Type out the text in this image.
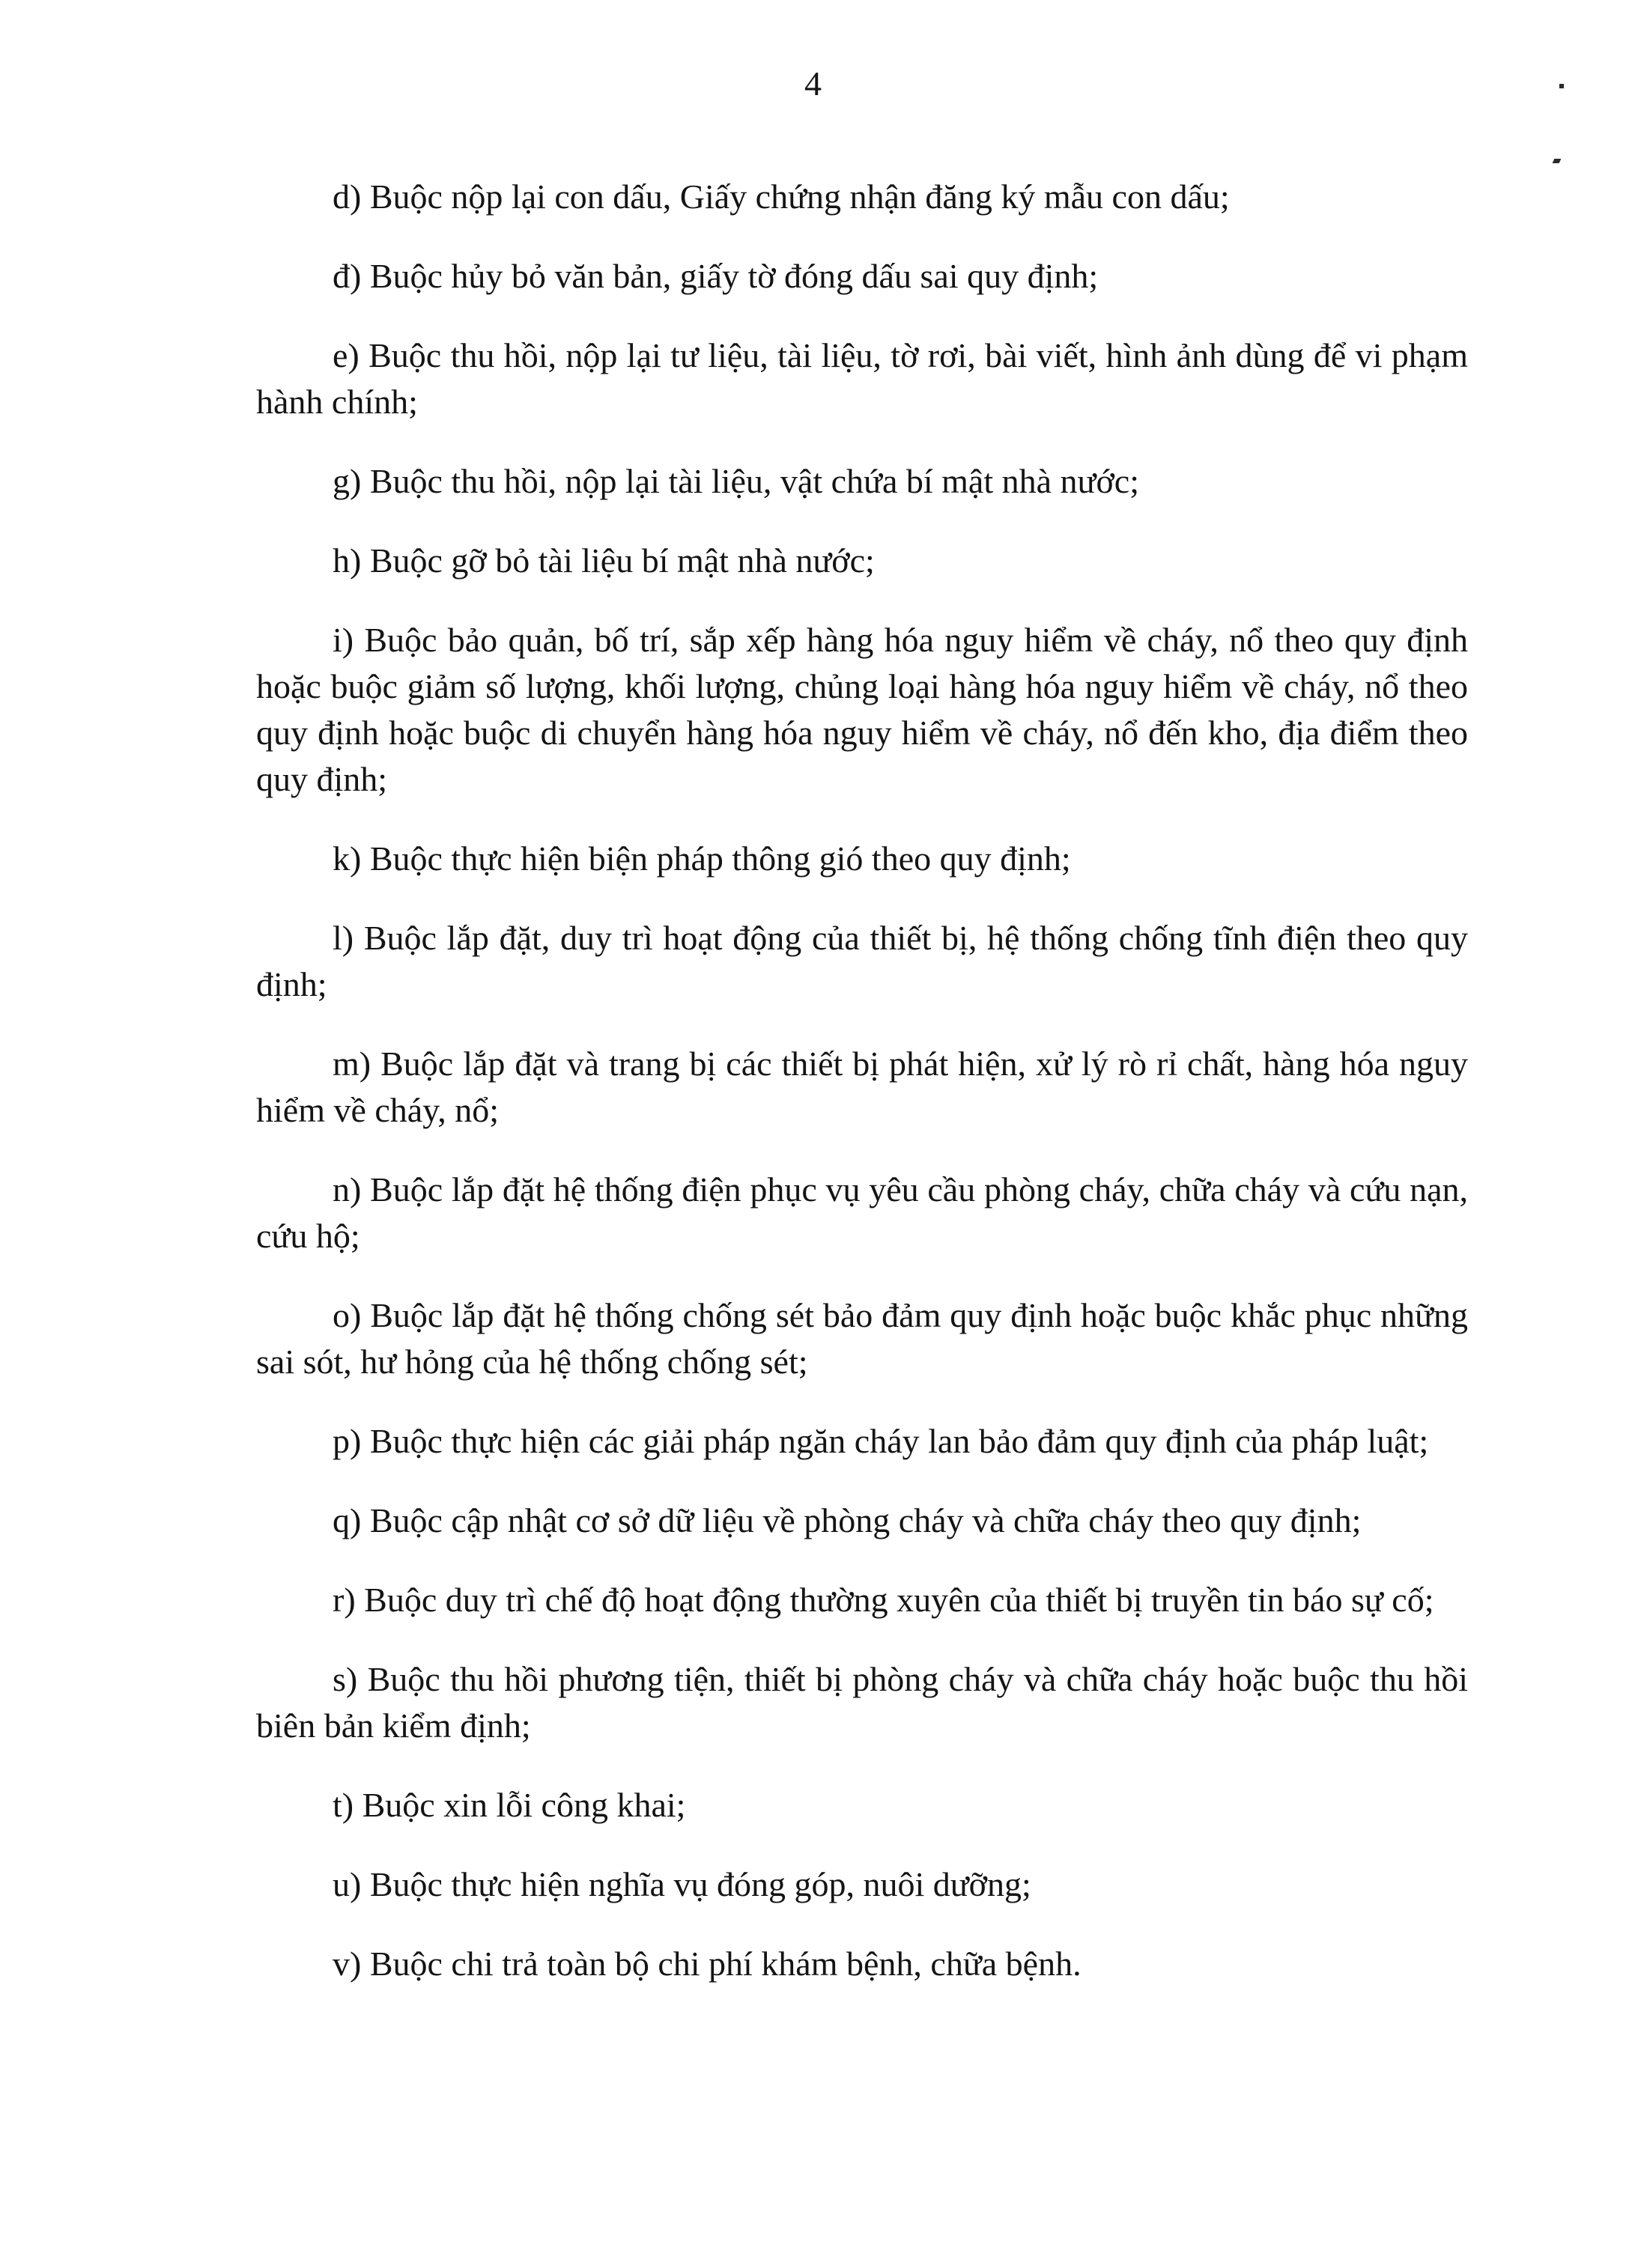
4

d) Buộc nộp lại con dấu, Giấy chứng nhận đăng ký mẫu con dấu;

đ) Buộc hủy bỏ văn bản, giấy tờ đóng dấu sai quy định;

e) Buộc thu hồi, nộp lại tư liệu, tài liệu, tờ rơi, bài viết, hình ảnh dùng để vi phạm hành chính;

g) Buộc thu hồi, nộp lại tài liệu, vật chứa bí mật nhà nước;

h) Buộc gỡ bỏ tài liệu bí mật nhà nước;

i) Buộc bảo quản, bố trí, sắp xếp hàng hóa nguy hiểm về cháy, nổ theo quy định hoặc buộc giảm số lượng, khối lượng, chủng loại hàng hóa nguy hiểm về cháy, nổ theo quy định hoặc buộc di chuyển hàng hóa nguy hiểm về cháy, nổ đến kho, địa điểm theo quy định;

k) Buộc thực hiện biện pháp thông gió theo quy định;

l) Buộc lắp đặt, duy trì hoạt động của thiết bị, hệ thống chống tĩnh điện theo quy định;

m) Buộc lắp đặt và trang bị các thiết bị phát hiện, xử lý rò rỉ chất, hàng hóa nguy hiểm về cháy, nổ;

n) Buộc lắp đặt hệ thống điện phục vụ yêu cầu phòng cháy, chữa cháy và cứu nạn, cứu hộ;

o) Buộc lắp đặt hệ thống chống sét bảo đảm quy định hoặc buộc khắc phục những sai sót, hư hỏng của hệ thống chống sét;

p) Buộc thực hiện các giải pháp ngăn cháy lan bảo đảm quy định của pháp luật;

q) Buộc cập nhật cơ sở dữ liệu về phòng cháy và chữa cháy theo quy định;

r) Buộc duy trì chế độ hoạt động thường xuyên của thiết bị truyền tin báo sự cố;

s) Buộc thu hồi phương tiện, thiết bị phòng cháy và chữa cháy hoặc buộc thu hồi biên bản kiểm định;

t) Buộc xin lỗi công khai;

u) Buộc thực hiện nghĩa vụ đóng góp, nuôi dưỡng;

v) Buộc chi trả toàn bộ chi phí khám bệnh, chữa bệnh.
